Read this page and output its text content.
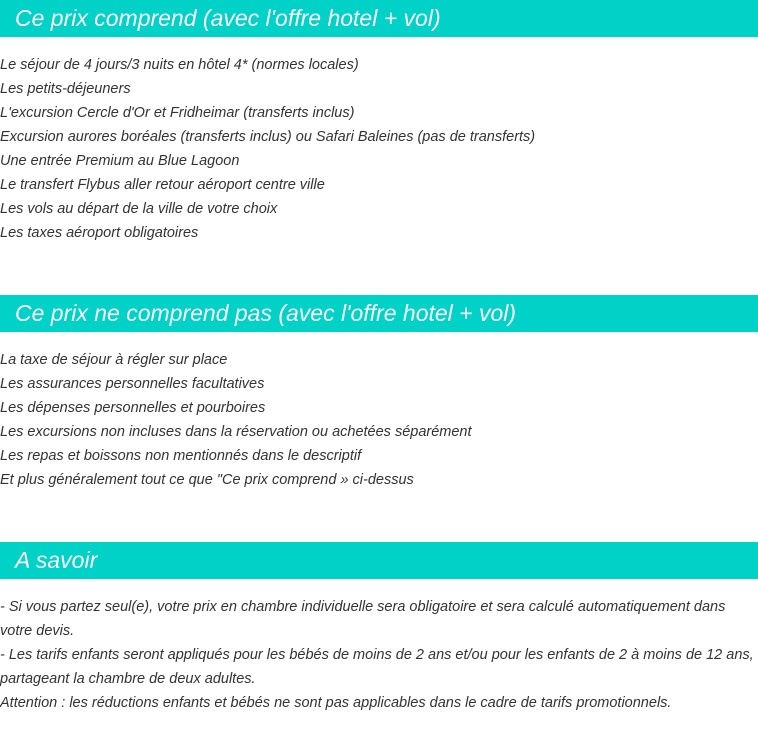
Ce prix comprend (avec l'offre hotel + vol)
Le séjour de 4 jours/3 nuits en hôtel 4* (normes locales)
Les petits-déjeuners
L'excursion Cercle d'Or et Fridheimar (transferts inclus)
Excursion aurores boréales (transferts inclus) ou Safari Baleines (pas de transferts)
Une entrée Premium au Blue Lagoon
Le transfert Flybus aller retour aéroport centre ville
Les vols au départ de la ville de votre choix
Les taxes aéroport obligatoires
Ce prix ne comprend pas (avec l'offre hotel + vol)
La taxe de séjour à régler sur place
Les assurances personnelles facultatives
Les dépenses personnelles et pourboires
Les excursions non incluses dans la réservation ou achetées séparément
Les repas et boissons non mentionnés dans le descriptif
Et plus généralement tout ce que "Ce prix comprend » ci-dessus
A savoir
- Si vous partez seul(e), votre prix en chambre individuelle sera obligatoire et sera calculé automatiquement dans votre devis.
- Les tarifs enfants seront appliqués pour les bébés de moins de 2 ans et/ou pour les enfants de 2 à moins de 12 ans, partageant la chambre de deux adultes.
Attention : les réductions enfants et bébés ne sont pas applicables dans le cadre de tarifs promotionnels.
